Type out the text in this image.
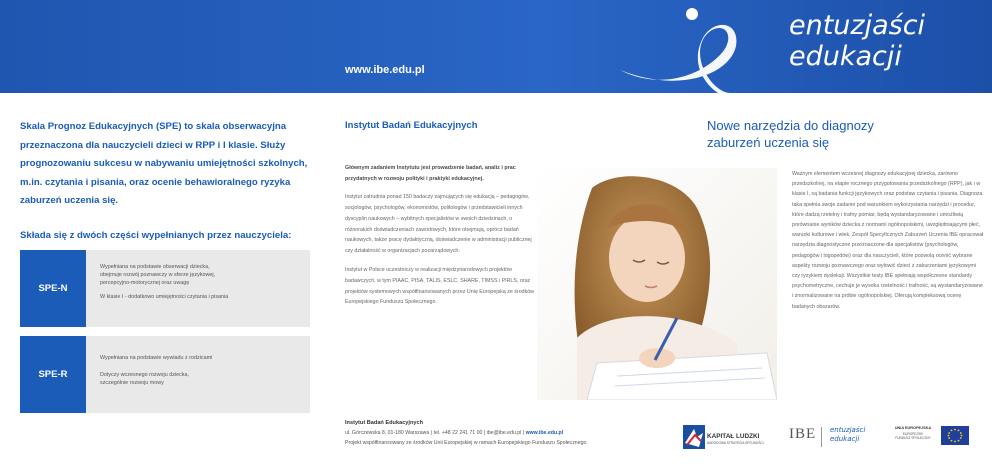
www.ibe.edu.pl
entuzjaści
edukacji

Skala Prognoz Edukacyjnych (SPE) to skala obserwacyjna przeznaczona dla nauczycieli dzieci w RPP i I klasie. Służy prognozowaniu sukcesu w nabywaniu umiejętności szkolnych, m.in. czytania i pisania, oraz ocenie behawioralnego ryzyka zaburzeń uczenia się.

Składa się z dwóch części wypełnianych przez nauczyciela:

SPE-N
Wypełniana na podstawie obserwacji dziecka,
obejmuje rozwój poznawczy w sferze językowej,
percepcyjno-motorycznej oraz uwagę
W klasie I - dodatkowo umiejętności czytania i pisania
SPE-R
Wypełniana na podstawie wywiadu z rodzicami
Dotyczy wczesnego rozwoju dziecka,
szczególnie rozwoju mowy
Instytut Badań Edukacyjnych

Głównym zadaniem Instytutu jest prowadzenie badań, analiz i prac przydatnych w rozwoju polityki i praktyki edukacyjnej.

Instytut zatrudnia ponad 150 badaczy zajmujących się edukacją – pedagogów, socjologów, psychologów, ekonomistów, politologów i przedstawicieli innych dyscyplin naukowych – wybitnych specjalistów w swoich dziedzinach, o różnorakich doświadczeniach zawodowych, które obejmują, oprócz badań naukowych, także pracę dydaktyczną, doświadczenie w administracji publicznej czy działalność w organizacjach pozarządowych.

Instytut w Polsce uczestniczy w realizacji międzynarodowych projektów badawczych, w tym PIAAC, PISA, TALIS, ESLC, SHARE, TIMSS i PIRLS, oraz projektów systemowych współfinansowanych przez Unię Europejską ze środków Europejskiego Funduszu Społecznego.

Nowe narzędzia do diagnozy zaburzeń uczenia się

Ważnym elementem wczesnej diagnozy edukacyjnej dziecka, zarówno przedszkolnej, na etapie rocznego przygotowania przedszkolnego (RPP), jak i w klasie I, są badania funkcji językowych oraz podstaw czytania i pisania. Diagnoza taka spełnia swoje zadanie pod warunkiem wykorzystania narzędzi i procedur, które dadzą rzetelny i trafny pomiar, będą wystandaryzowane i umożliwią porównanie wyników dziecka z normami ogólnopolskimi, uwzględniającymi płeć, warunki kulturowe i wiek. Zespół Specyficznych Zaburzeń Uczenia IBE opracował narzędzia diagnostyczne przeznaczone dla specjalistów (psychologów, pedagogów i logopedów) oraz dla nauczycieli, które pozwolą ocenić wybrane aspekty rozwoju poznawczego oraz wyłowić dzieci z zaburzeniami językowymi czy ryzykiem dysleksji. Wszystkie testy IBE spełniają współczesne standardy psychometryczne, cechuje je wysoka rzetelność i trafność, są wystandaryzowane i znormalizowane na próbie ogólnopolskiej. Oferują kompleksową ocenę badanych obszarów.

Instytut Badań Edukacyjnych
ul. Górczewska 8, 01-180 Warszawa | tel. +48 22 241 71 00 | ibe@ibe.edu.pl | www.ibe.edu.pl
Projekt współfinansowany ze środków Unii Europejskiej w ramach Europejskiego Funduszu Społecznego.
KAPITAŁ LUDZKI
NARODOWA STRATEGIA SPÓJNOŚCI
IBE entuzjaści
edukacji
UNIA EUROPEJSKA
EUROPEJSKI
FUNDUSZ SPOŁECZNY
